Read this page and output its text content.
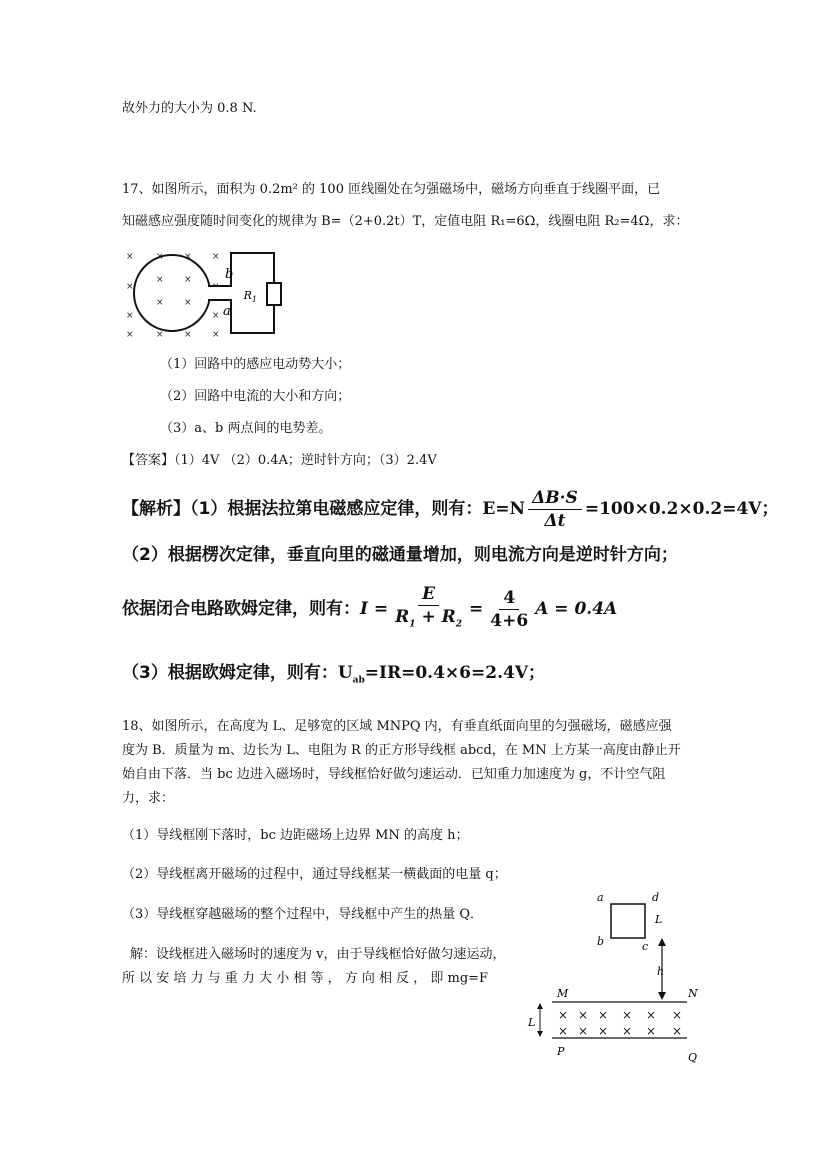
故外力的大小为 0.8 N.
17、如图所示，面积为 0.2m² 的 100 匝线圈处在匀强磁场中，磁场方向垂直于线圈平面，已
知磁感应强度随时间变化的规律为 B=（2+0.2t）T，定值电阻 R₁=6Ω，线圈电阻 R₂=4Ω，求：
× × × ×
×
× ×
× ×
×	×
× × × ×
b
a
$R_1$
（1）回路中的感应电动势大小；
（2）回路中电流的大小和方向；
（3）a、b 两点间的电势差。
【答案】（1）4V （2）0.4A；逆时针方向；（3）2.4V
【解析】（1）根据法拉第电磁感应定律，则有： $E=N \frac{\Delta B\cdot S}{\Delta t} =100\times 0.2\times 0.2=4V$；
（2）根据楞次定律，垂直向里的磁通量增加，则电流方向是逆时针方向；
依据闭合电路欧姆定律，则有： $I = \frac{E}{R_1 + R_2} = \frac{4}{4+6}$ A = 0.4A
（3）根据欧姆定律，则有：$U_{ab}=IR=0.4\times 6=2.4V$；
18、如图所示，在高度为 L、足够宽的区域 MNPQ 内，有垂直纸面向里的匀强磁场，磁感应强
度为 B．质量为 m、边长为 L、电阻为 R 的正方形导线框 abcd，在 MN 上方某一高度由静止开
始自由下落．当 bc 边进入磁场时，导线框恰好做匀速运动．已知重力加速度为 g，不计空气阻
力，求：
（1）导线框刚下落时，bc 边距磁场上边界 MN 的高度 h；
（2）导线框离开磁场的过程中，通过导线框某一横截面的电量 q；
（3）导线框穿越磁场的整个过程中，导线框中产生的热量 Q．
解：设线框进入磁场时的速度为 v，由于导线框恰好做匀速运动，
所 以 安 培 力 与 重 力 大 小 相 等 ， 方 向 相 反 ， 即 mg=F
a	d
b	c
L
h
M	N
P	Q
L
× × × × × ×
× × × × × ×
